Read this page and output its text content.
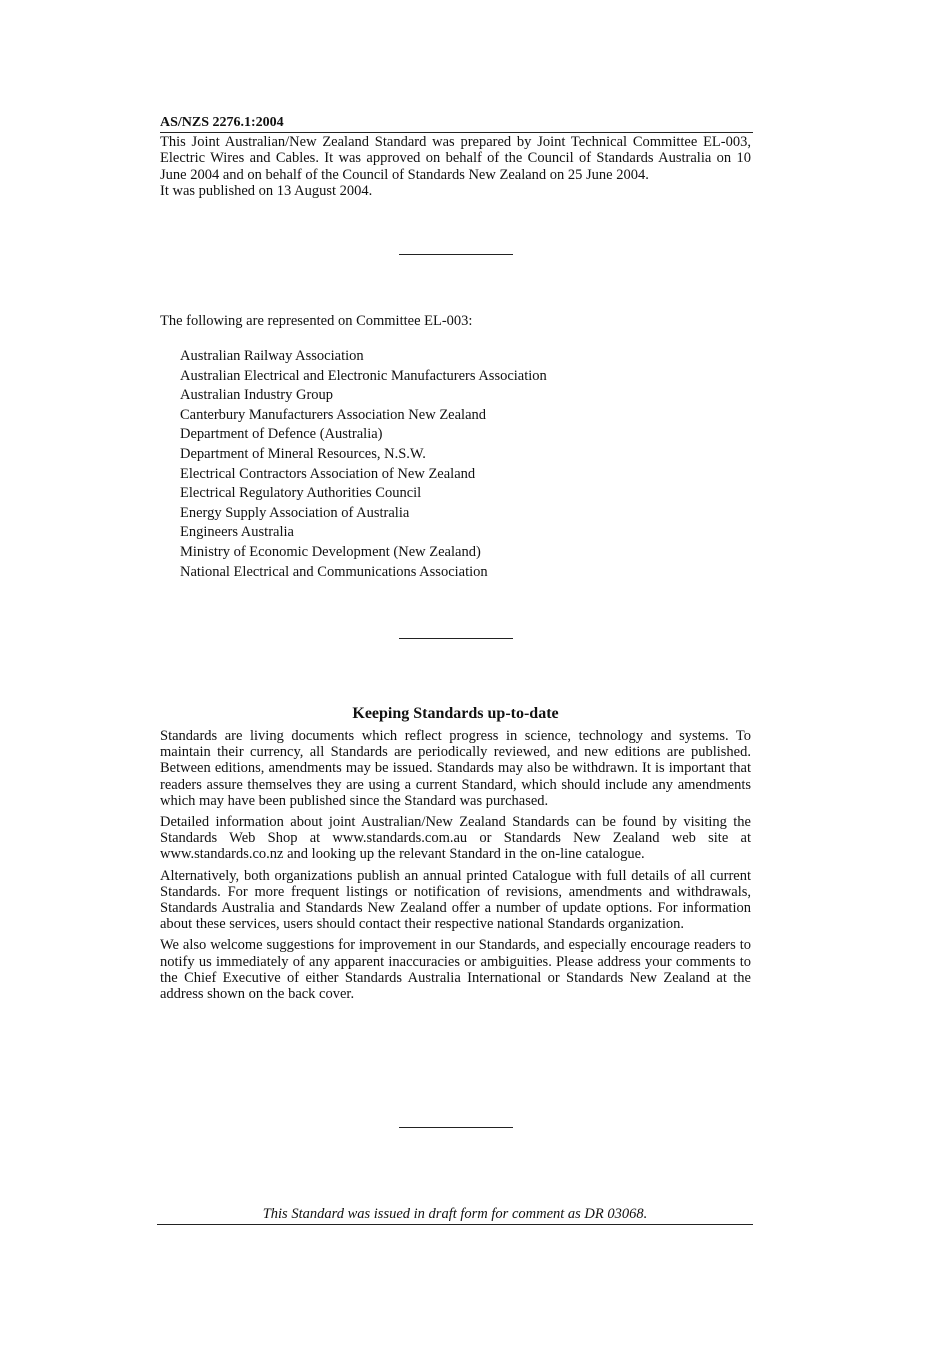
AS/NZS 2276.1:2004

This Joint Australian/New Zealand Standard was prepared by Joint Technical Committee EL-003, Electric Wires and Cables. It was approved on behalf of the Council of Standards Australia on 10 June 2004 and on behalf of the Council of Standards New Zealand on 25 June 2004.

It was published on 13 August 2004.

The following are represented on Committee EL-003:
Australian Railway Association
Australian Electrical and Electronic Manufacturers Association
Australian Industry Group
Canterbury Manufacturers Association New Zealand
Department of Defence (Australia)
Department of Mineral Resources, N.S.W.
Electrical Contractors Association of New Zealand
Electrical Regulatory Authorities Council
Energy Supply Association of Australia
Engineers Australia
Ministry of Economic Development (New Zealand)
National Electrical and Communications Association
Keeping Standards up-to-date

Standards are living documents which reflect progress in science, technology and systems. To maintain their currency, all Standards are periodically reviewed, and new editions are published. Between editions, amendments may be issued. Standards may also be withdrawn. It is important that readers assure themselves they are using a current Standard, which should include any amendments which may have been published since the Standard was purchased.

Detailed information about joint Australian/New Zealand Standards can be found by visiting the Standards Web Shop at www.standards.com.au or Standards New Zealand web site at www.standards.co.nz and looking up the relevant Standard in the on-line catalogue.

Alternatively, both organizations publish an annual printed Catalogue with full details of all current Standards. For more frequent listings or notification of revisions, amendments and withdrawals, Standards Australia and Standards New Zealand offer a number of update options. For information about these services, users should contact their respective national Standards organization.

We also welcome suggestions for improvement in our Standards, and especially encourage readers to notify us immediately of any apparent inaccuracies or ambiguities. Please address your comments to the Chief Executive of either Standards Australia International or Standards New Zealand at the address shown on the back cover.

This Standard was issued in draft form for comment as DR 03068.
